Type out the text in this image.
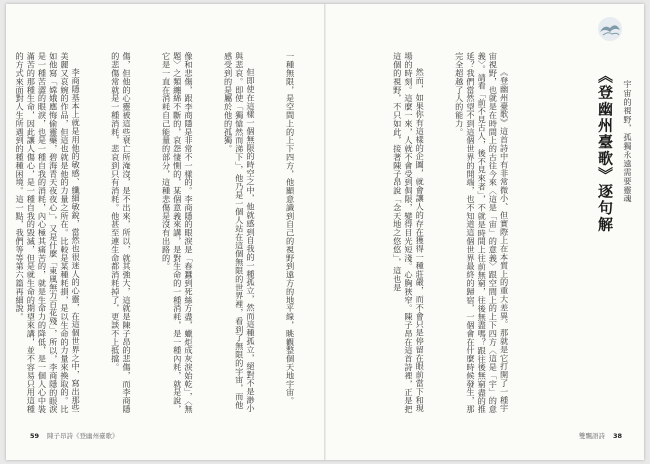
《登幽州臺歌》逐句解 宇宙的視野，孤獨永遠需要靈魂

《登幽州臺歌》這首詩中有非常微小、但實際上在本質上的重大差異。那就是它打開了一種宇宙視野，也就是在時間上的古往今來〈這是「宙」的意義〉跟空間上的上下四方〈這是「宇」的意義〉。請看「前不見古人，後不見來者」，不就是時間上往前無窮，往後無盡嗎？跟往後無窮盡的推延？我們當然望不到這個世界的開端，也不知道這個世界最終的歸宿，一個會在什麼時候發生，那完全超越了人的能力。

然而，如果你有這樣的企圖，就會讓人的存在獲得一種莊嚴，而不會只是停留在眼前當下和現場的時刻。這麼一來，人就不會受到侷限，變得目光短淺。心胸狹窄。陳子昂在這首詩裡，正是把這個的視野，不只如此，接著陳子昂說「念天地之悠悠」，這也是

一種無限，是空間上的上下四方，他顯意識到自己的視野到遠方的地平線，眺觀整個天地宇宙。

但即使在這樣一個無限的時空之中，他就感到自我的一種孤立，然而這種孤立，絕對不是渺小與悲哀。即使「獨愴然而涕下」，他乃是一個人站在這個無限的世界裡，看到了無限的宇宙，而他感受到的是屬於他的孤獨。

像和悲傷，跟李商隱是非常不一樣的。李商隱的眼淚是「春蠶到死絲方盡，蠟炬成灰淚始乾」，〈無題〉之類纏綿不斷的，哀怨悽惻的，某個意義來講，是對生命的一種消耗，是一種內耗，就是說，它是一直在消耗自己能量的部分，這種悲傷是沒有出路的。

傷，但他的心靈被這些衰亡所淹沒，是不出來，所以，就其強大，這就是陳子昂的悲傷，而李商隱的悲傷常就是一種消耗，悲哀到只有消耗。他甚至連生命都消耗掉了，更談不上抵擋。

李商隱基本上就是用他的敏感、纖細敏銳，當然也很迷人的心靈，在這個世界之中，寫出那些美麗又哀婉的作品，但這也就是他的力量之所在。比較是某種耗損，是以生命的力量來換取的。比如他寫「嫦娥應悔偷靈藥，碧海青天夜夜心」，又是什麼「東風無力百花殘」，所以，李商隱的眼淚是一種苦澀的眼淚，也是一種自我的消耗，內心極其痛苦的，就是生命力的降低，是一個人心中裝滿苦的那種生命，因此讓人傷心，是一種自我的毀滅，但是就生命的期望來講，並不容易只用這種的方式來面對人生所遇到的種種困境。這一點，我們等等第六篇再細說。

59 陳子昂詩《登幽州臺歌》	雙飄語詩 38
